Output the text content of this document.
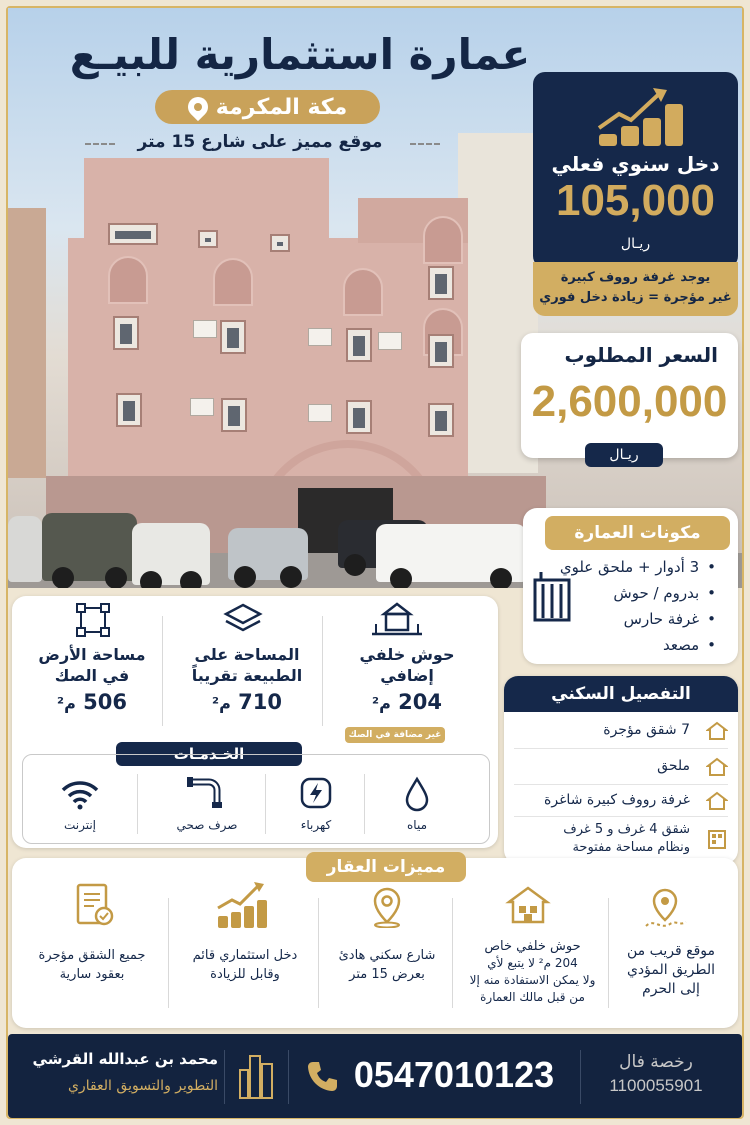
عمارة استثمارية للبيـع
مكة المكرمة
موقع مميز على شارع 15 متر
دخل سنوي فعلي
105,000
ريـال
يوجد غرفة رووف كبيرة
غير مؤجرة = زيادة دخل فوري
السعر المطلوب
2,600,000
ريـال
مكونات العمارة
• 3 أدوار + ملحق علوي
• بدروم / حوش
• غرفة حارس
• مصعد
مساحة الأرض
في الصك
506 م²
المساحة على
الطبيعة تقريباً
710 م²
حوش خلفي
إضافي
204 م²
غير مضافة في الصك
الخـدمـات
مياه
كهرباء
صرف صحي
إنترنت
التفصيل السكني
7 شقق مؤجرة
ملحق
غرفة رووف كبيرة شاغرة
شقق 4 غرف و 5 غرف
ونظام مساحة مفتوحة
مميزات العقار
موقع قريب من
الطريق المؤدي
إلى الحرم
حوش خلفي خاص
204 م² لا يتبع لأي
ولا يمكن الاستفادة منه إلا
من قبل مالك العمارة
شارع سكني هادئ
بعرض 15 متر
دخل استثماري قائم
وقابل للزيادة
جميع الشقق مؤجرة
بعقود سارية
رخصة فال
1100055901
0547010123
محمد بن عبدالله القرشي
التطوير والتسويق العقاري
